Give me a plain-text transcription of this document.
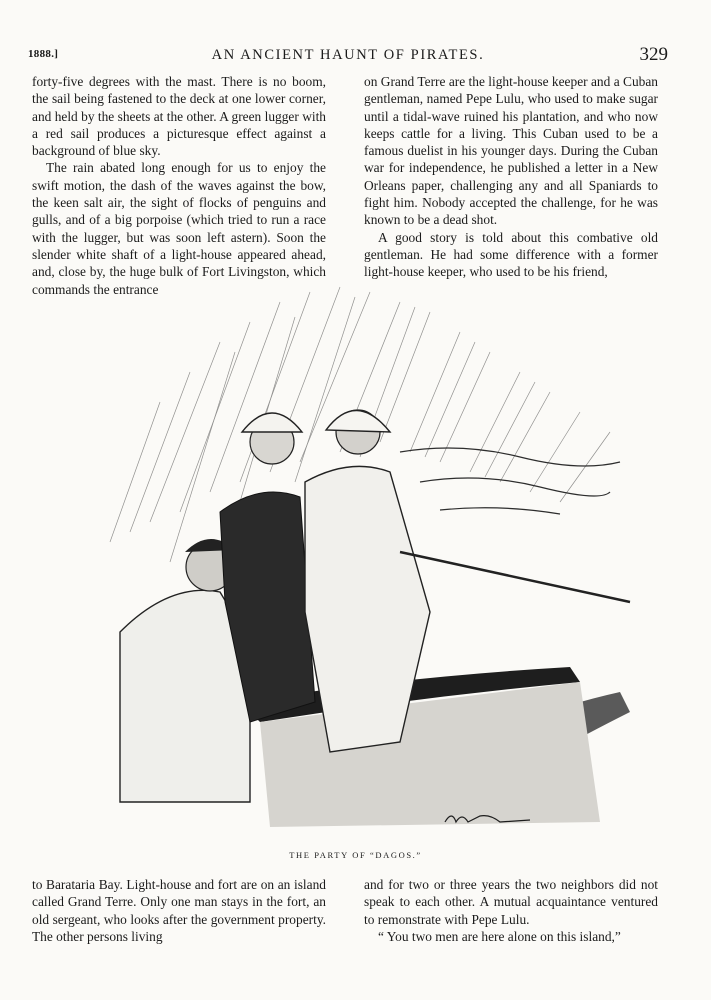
1888.]	AN ANCIENT HAUNT OF PIRATES.	329

forty-five degrees with the mast. There is no boom, the sail being fastened to the deck at one lower corner, and held by the sheets at the other. A green lugger with a red sail produces a picturesque effect against a background of blue sky.

The rain abated long enough for us to enjoy the swift motion, the dash of the waves against the bow, the keen salt air, the sight of flocks of penguins and gulls, and of a big porpoise (which tried to run a race with the lugger, but was soon left astern). Soon the slender white shaft of a light-house appeared ahead, and, close by, the huge bulk of Fort Livingston, which commands the entrance

on Grand Terre are the light-house keeper and a Cuban gentleman, named Pepe Lulu, who used to make sugar until a tidal-wave ruined his plantation, and who now keeps cattle for a living. This Cuban used to be a famous duelist in his younger days. During the Cuban war for independence, he published a letter in a New Orleans paper, challenging any and all Spaniards to fight him. Nobody accepted the challenge, for he was known to be a dead shot.

A good story is told about this combative old gentleman. He had some difference with a former light-house keeper, who used to be his friend,

THE PARTY OF “DAGOS.”

to Barataria Bay. Light-house and fort are on an island called Grand Terre. Only one man stays in the fort, an old sergeant, who looks after the government property. The other persons living

and for two or three years the two neighbors did not speak to each other. A mutual acquaintance ventured to remonstrate with Pepe Lulu.

“ You two men are here alone on this island,”
